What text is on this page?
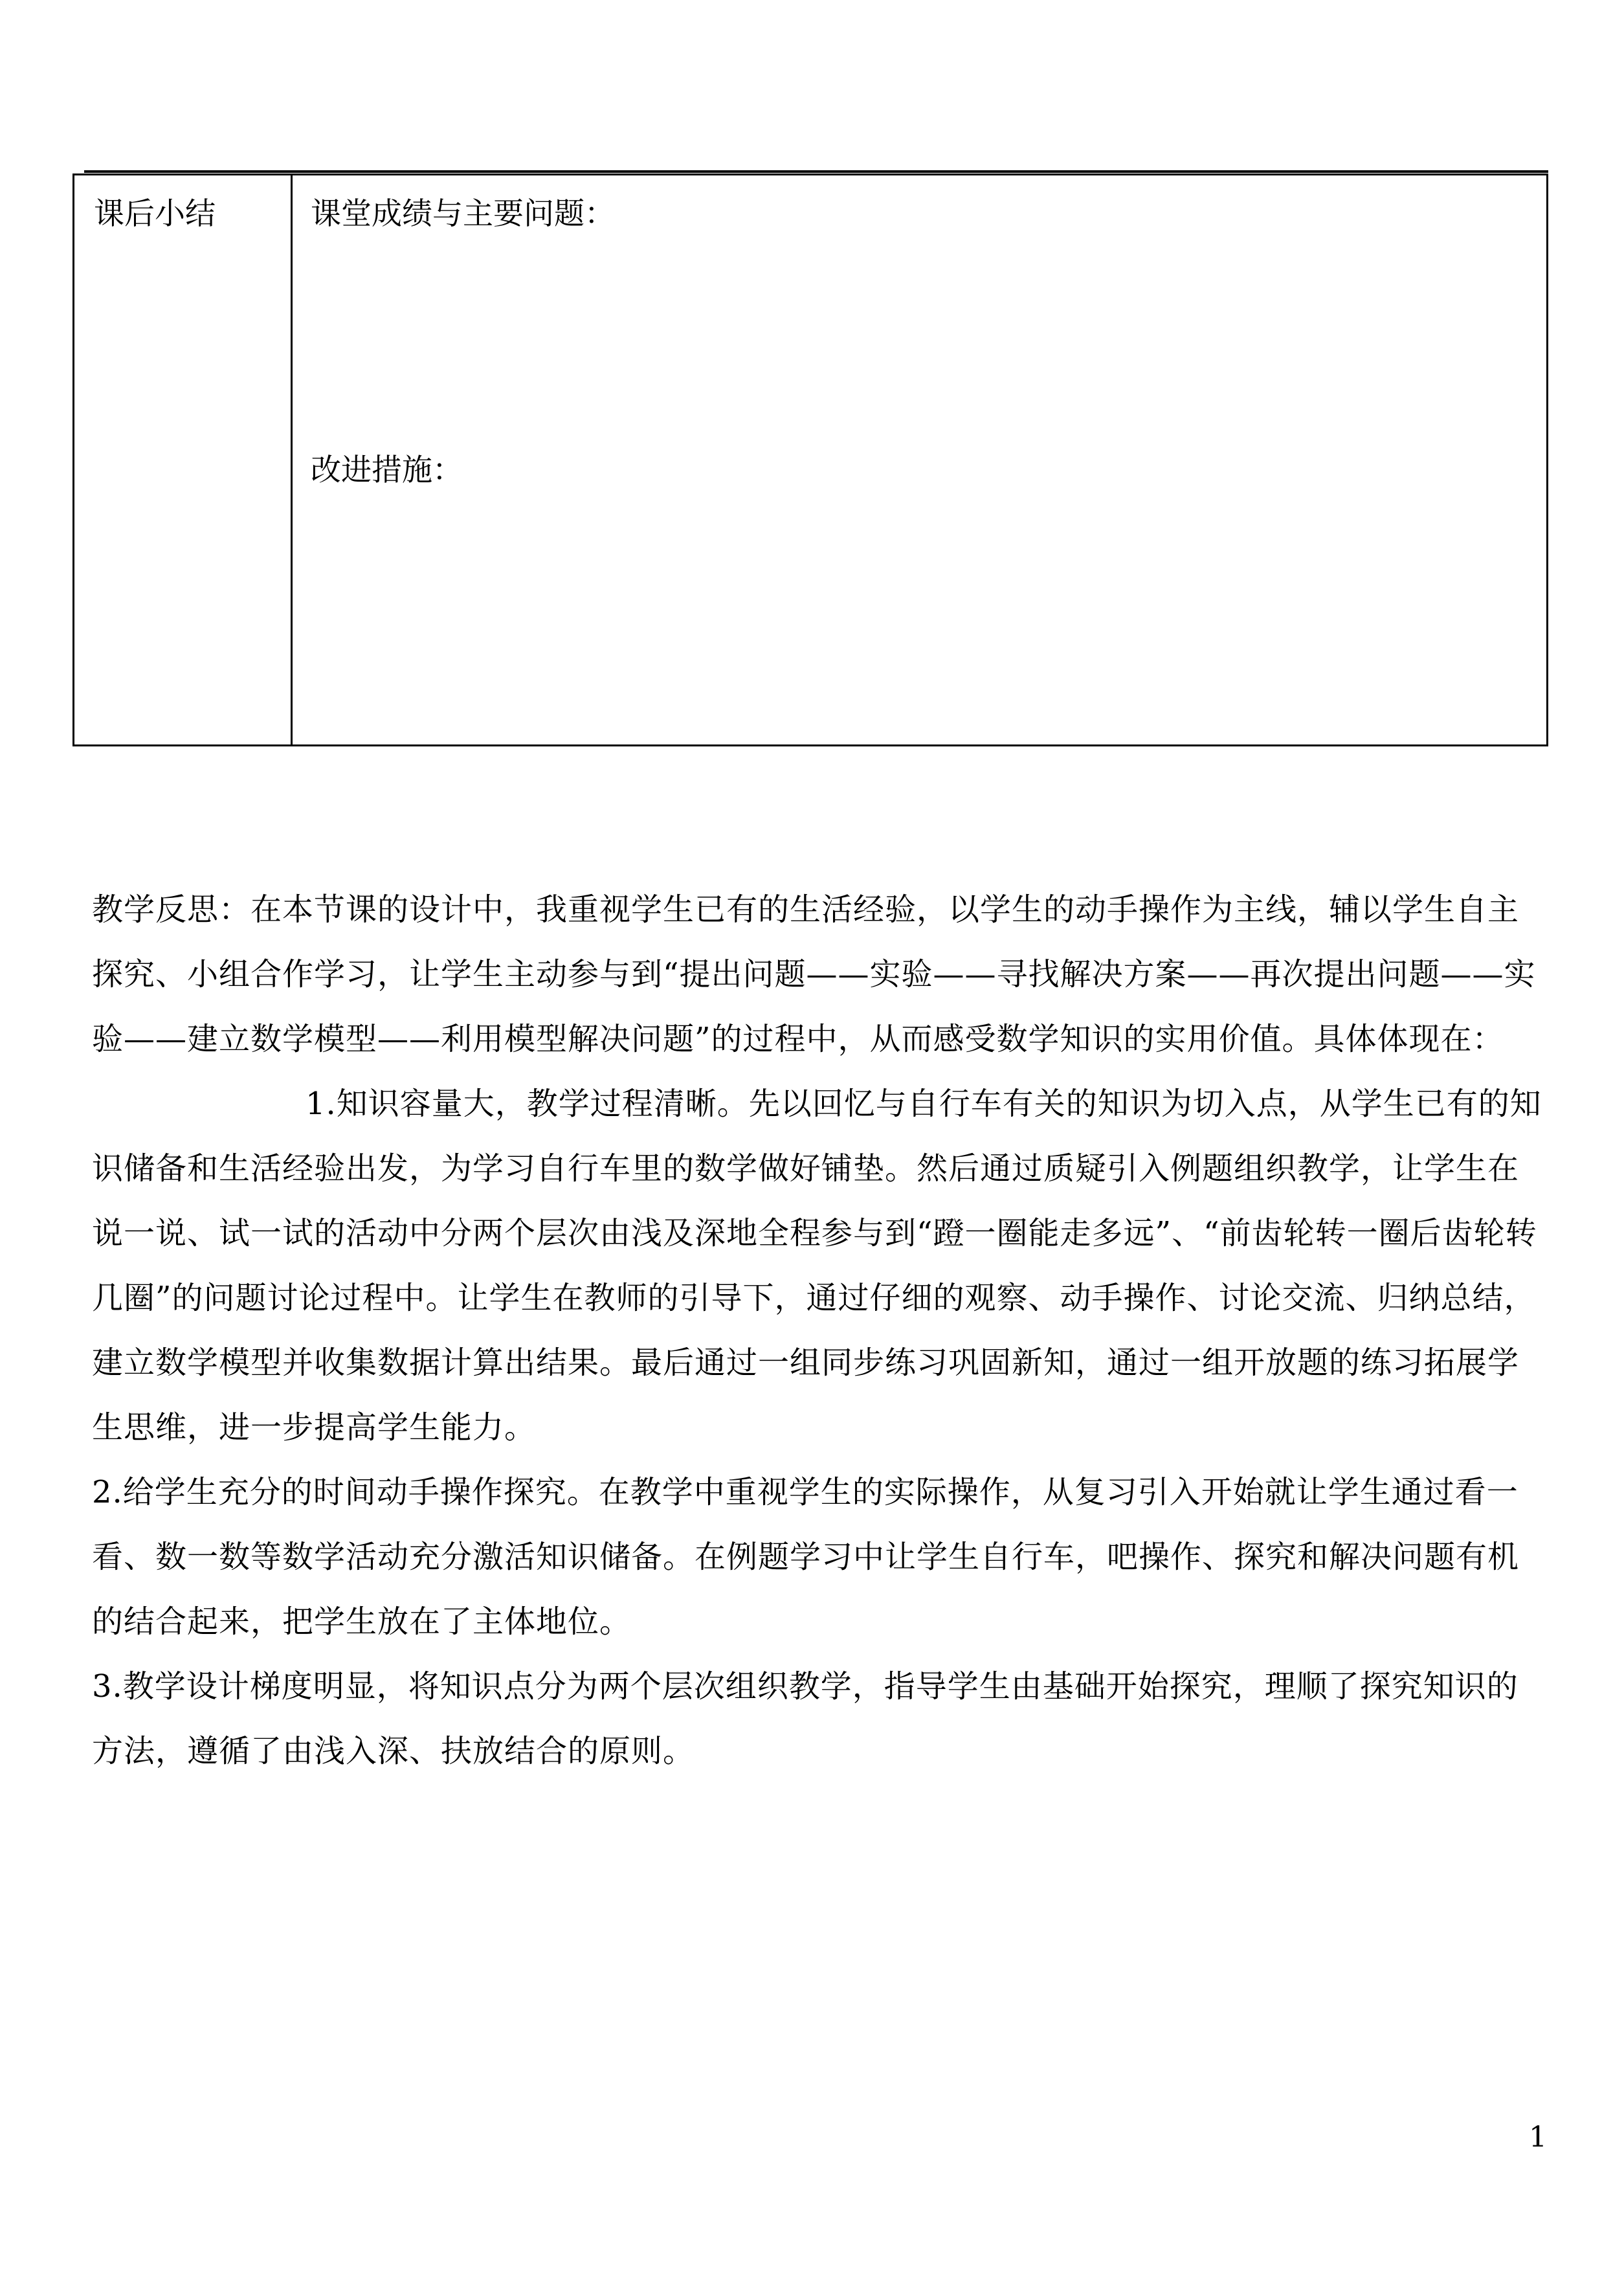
课后小结	课堂成绩与主要问题：
改进措施：

教学反思：在本节课的设计中，我重视学生已有的生活经验，以学生的动手操作为主线，辅以学生自主探究、小组合作学习，让学生主动参与到“提出问题——实验——寻找解决方案——再次提出问题——实验——建立数学模型——利用模型解决问题”的过程中，从而感受数学知识的实用价值。具体体现在：1.知识容量大，教学过程清晰。先以回忆与自行车有关的知识为切入点，从学生已有的知识储备和生活经验出发，为学习自行车里的数学做好铺垫。然后通过质疑引入例题组织教学，让学生在说一说、试一试的活动中分两个层次由浅及深地全程参与到“蹬一圈能走多远”、“前齿轮转一圈后齿轮转几圈”的问题讨论过程中。让学生在教师的引导下，通过仔细的观察、动手操作、讨论交流、归纳总结，建立数学模型并收集数据计算出结果。最后通过一组同步练习巩固新知，通过一组开放题的练习拓展学生思维，进一步提高学生能力。

2.给学生充分的时间动手操作探究。在教学中重视学生的实际操作，从复习引入开始就让学生通过看一看、数一数等数学活动充分激活知识储备。在例题学习中让学生自行车，吧操作、探究和解决问题有机的结合起来，把学生放在了主体地位。

3.教学设计梯度明显，将知识点分为两个层次组织教学，指导学生由基础开始探究，理顺了探究知识的方法，遵循了由浅入深、扶放结合的原则。

1
